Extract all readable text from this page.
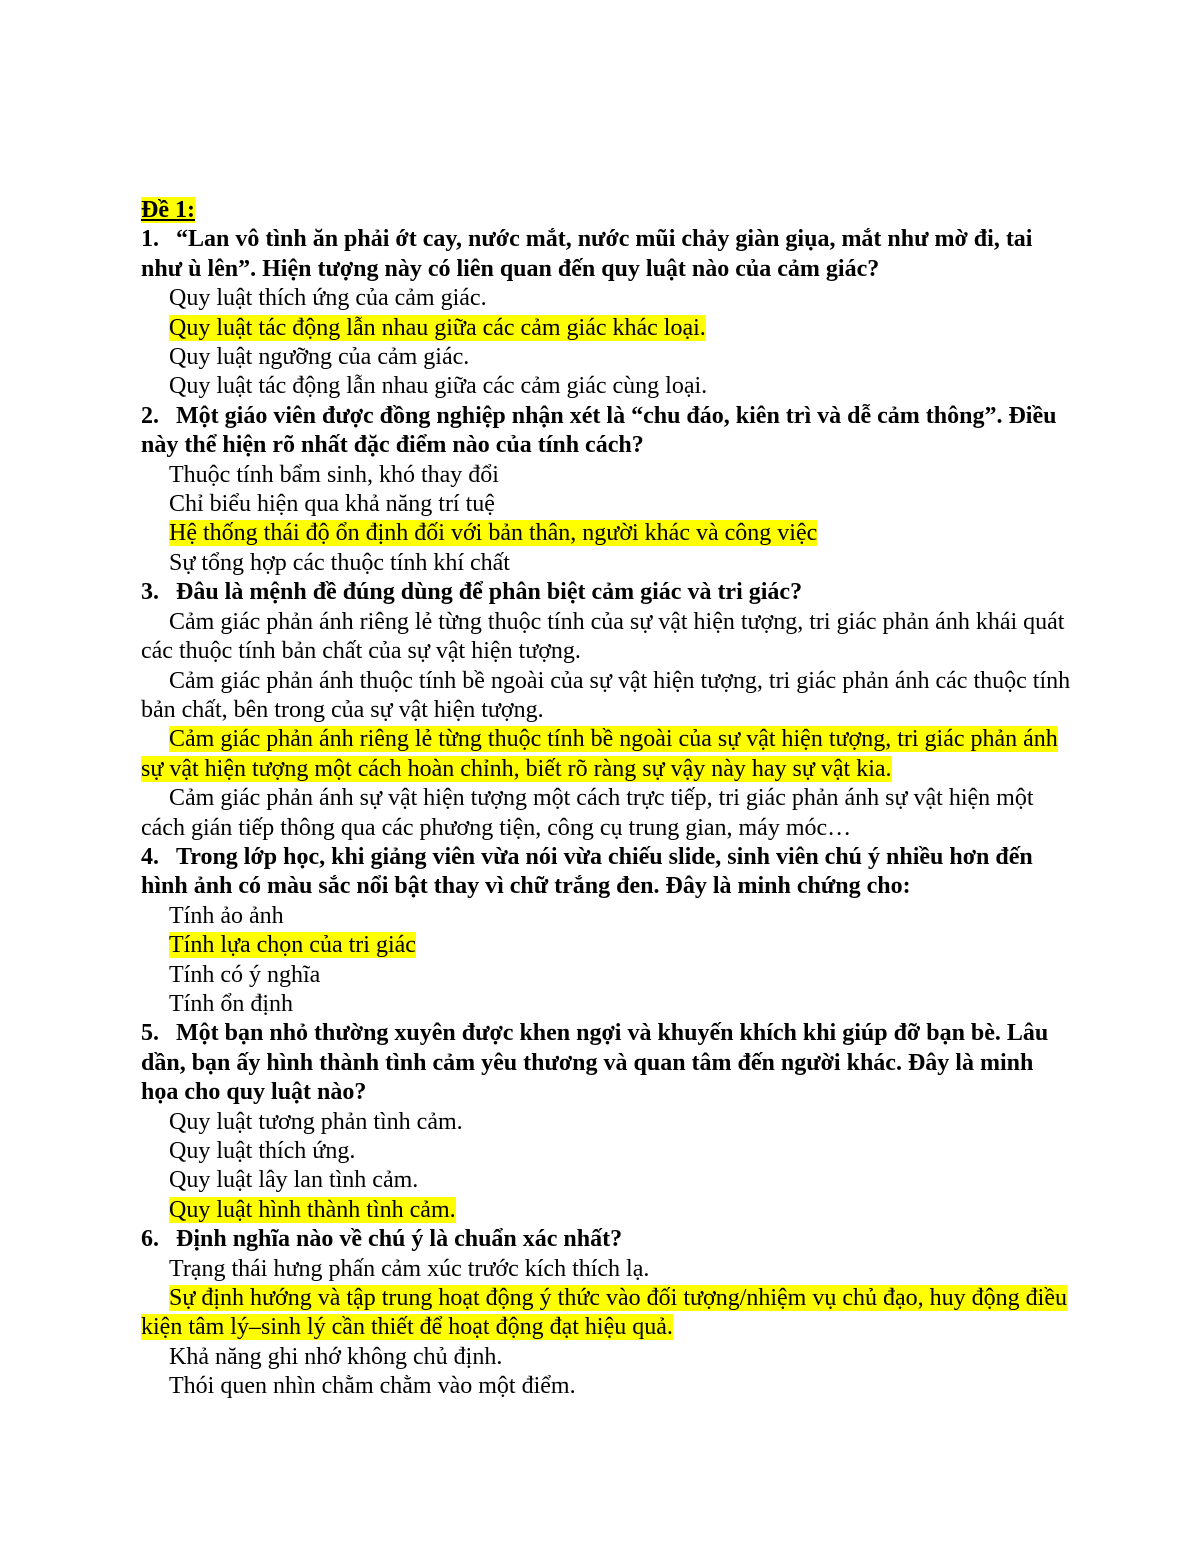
Đề 1:
1. “Lan vô tình ăn phải ớt cay, nước mắt, nước mũi chảy giàn giụa, mắt như mờ đi, tai như ù lên”. Hiện tượng này có liên quan đến quy luật nào của cảm giác?
Quy luật thích ứng của cảm giác.
Quy luật tác động lẫn nhau giữa các cảm giác khác loại.
Quy luật ngưỡng của cảm giác.
Quy luật tác động lẫn nhau giữa các cảm giác cùng loại.
2. Một giáo viên được đồng nghiệp nhận xét là “chu đáo, kiên trì và dễ cảm thông”. Điều này thể hiện rõ nhất đặc điểm nào của tính cách?
Thuộc tính bẩm sinh, khó thay đổi
Chỉ biểu hiện qua khả năng trí tuệ
Hệ thống thái độ ổn định đối với bản thân, người khác và công việc
Sự tổng hợp các thuộc tính khí chất
3. Đâu là mệnh đề đúng dùng để phân biệt cảm giác và tri giác?
Cảm giác phản ánh riêng lẻ từng thuộc tính của sự vật hiện tượng, tri giác phản ánh khái quát các thuộc tính bản chất của sự vật hiện tượng.
Cảm giác phản ánh thuộc tính bề ngoài của sự vật hiện tượng, tri giác phản ánh các thuộc tính bản chất, bên trong của sự vật hiện tượng.
Cảm giác phản ánh riêng lẻ từng thuộc tính bề ngoài của sự vật hiện tượng, tri giác phản ánh sự vật hiện tượng một cách hoàn chỉnh, biết rõ ràng sự vậy này hay sự vật kia.
Cảm giác phản ánh sự vật hiện tượng một cách trực tiếp, tri giác phản ánh sự vật hiện một cách gián tiếp thông qua các phương tiện, công cụ trung gian, máy móc…
4. Trong lớp học, khi giảng viên vừa nói vừa chiếu slide, sinh viên chú ý nhiều hơn đến hình ảnh có màu sắc nổi bật thay vì chữ trắng đen. Đây là minh chứng cho:
Tính ảo ảnh
Tính lựa chọn của tri giác
Tính có ý nghĩa
Tính ổn định
5. Một bạn nhỏ thường xuyên được khen ngợi và khuyến khích khi giúp đỡ bạn bè. Lâu dần, bạn ấy hình thành tình cảm yêu thương và quan tâm đến người khác. Đây là minh họa cho quy luật nào?
Quy luật tương phản tình cảm.
Quy luật thích ứng.
Quy luật lây lan tình cảm.
Quy luật hình thành tình cảm.
6. Định nghĩa nào về chú ý là chuẩn xác nhất?
Trạng thái hưng phấn cảm xúc trước kích thích lạ.
Sự định hướng và tập trung hoạt động ý thức vào đối tượng/nhiệm vụ chủ đạo, huy động điều kiện tâm lý–sinh lý cần thiết để hoạt động đạt hiệu quả.
Khả năng ghi nhớ không chủ định.
Thói quen nhìn chằm chằm vào một điểm.
